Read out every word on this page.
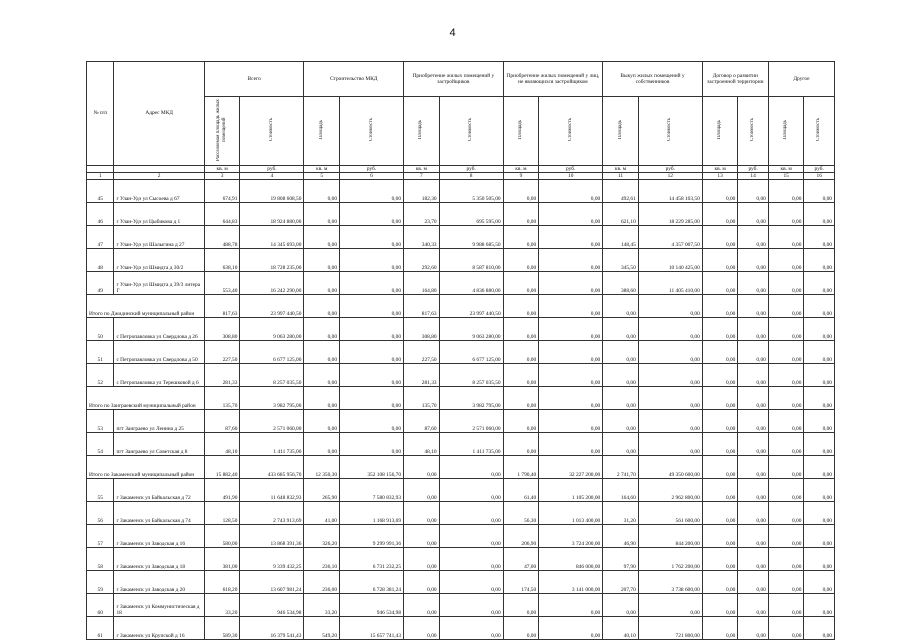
4
№ п/п	Адрес МКД	Всего		Строительство МКД		Приобретение жилых помещений у застройщиков		Приобретение жилых помещений у лиц, не являющихся застройщиком		Выкуп жилых помещений у собственников		Договор о развитии застроенной территории		Другое	
		Расселяемая площадь жилых помещений	Стоимость	Площадь	Стоимость	Площадь	Стоимость	Площадь	Стоимость	Площадь	Стоимость	Площадь	Стоимость	Площадь	Стоимость
		кв. м	руб.	кв. м	руб.	кв. м	руб.	кв. м	руб.	кв. м	руб.	кв. м	руб.	кв. м	руб.
1	2	3	4	5	6	7	8	9	10	11	12	13	14	15	16
45	г Улан-Удэ ул Сысоева д 67	674,91	19 808 608,50	0,00	0,00	182,30	5 350 505,00	0,00	0,00	492,61	14 458 103,50	0,00	0,00	0,00	0,00
46	г Улан-Удэ ул Цыбикова д 1	644,83	18 924 880,00	0,00	0,00	23,70	695 595,00	0,00	0,00	621,10	18 229 285,00	0,00	0,00	0,00	0,00
47	г Улан-Удэ ул Шалыгина д 27	488,78	14 345 693,00	0,00	0,00	340,33	9 988 685,50	0,00	0,00	148,45	4 357 007,50	0,00	0,00	0,00	0,00
48	г Улан-Удэ ул Шмидта д 30/2	638,10	18 728 235,00	0,00	0,00	292,60	8 587 810,00	0,00	0,00	345,50	10 140 425,00	0,00	0,00	0,00	0,00
49	г Улан-Удэ ул Шмидта д 39/3 литера Г	553,40	16 242 290,00	0,00	0,00	164,80	4 836 880,00	0,00	0,00	388,60	11 405 410,00	0,00	0,00	0,00	0,00
Итого по Джидинский муниципальный район		817,63	23 997 440,50	0,00	0,00	817,63	23 997 440,50	0,00	0,00	0,00	0,00	0,00	0,00	0,00	0,00
50	с Петропавловка ул Свердлова д 26	308,80	9 063 280,00	0,00	0,00	308,80	9 063 280,00	0,00	0,00	0,00	0,00	0,00	0,00	0,00	0,00
51	с Петропавловка ул Свердлова д 50	227,50	6 677 125,00	0,00	0,00	227,50	6 677 125,00	0,00	0,00	0,00	0,00	0,00	0,00	0,00	0,00
52	с Петропавловка ул Терешковой д 6	281,33	8 257 035,50	0,00	0,00	281,33	8 257 035,50	0,00	0,00	0,00	0,00	0,00	0,00	0,00	0,00
Итого по Заиграевский муниципальный район		135,70	3 982 795,00	0,00	0,00	135,70	3 982 795,00	0,00	0,00	0,00	0,00	0,00	0,00	0,00	0,00
53	пгт Заиграево ул Ленина д 25	87,60	2 571 060,00	0,00	0,00	87,60	2 571 060,00	0,00	0,00	0,00	0,00	0,00	0,00	0,00	0,00
54	пгт Заиграево ул Советская д 8	48,10	1 411 735,00	0,00	0,00	48,10	1 411 735,00	0,00	0,00	0,00	0,00	0,00	0,00	0,00	0,00
Итого по Закаменский муниципальный район		15 882,40	433 685 956,70	12 350,30	352 108 156,70	0,00	0,00	1 790,40	32 227 200,00	2 741,70	49 350 600,00	0,00	0,00	0,00	0,00
55	г Закаменск ул Байкальская д 72	491,90	11 648 832,93	265,90	7 580 832,93	0,00	0,00	61,40	1 105 200,00	164,60	2 962 800,00	0,00	0,00	0,00	0,00
56	г Закаменск ул Байкальская д 74	128,50	2 743 913,69	41,00	1 168 913,69	0,00	0,00	56,30	1 013 400,00	31,20	561 600,00	0,00	0,00	0,00	0,00
57	г Закаменск ул Заводская д 16	580,00	13 868 391,36	326,20	9 299 991,36	0,00	0,00	206,90	3 724 200,00	46,90	844 200,00	0,00	0,00	0,00	0,00
58	г Закаменск ул Заводская д 18	381,00	9 339 432,25	236,10	6 731 232,25	0,00	0,00	47,00	846 000,00	97,90	1 762 200,00	0,00	0,00	0,00	0,00
59	г Закаменск ул Заводская д 20	618,20	13 607 981,24	236,00	6 728 381,24	0,00	0,00	174,50	3 141 000,00	207,70	3 738 600,00	0,00	0,00	0,00	0,00
60	г Закаменск ул Коммунистическая д 18	33,20	946 534,98	33,20	946 534,98	0,00	0,00	0,00	0,00	0,00	0,00	0,00	0,00	0,00	0,00
61	г Закаменск ул Крупской д 16	589,30	16 379 541,43	549,20	15 657 741,43	0,00	0,00	0,00	0,00	40,10	721 800,00	0,00	0,00	0,00	0,00
